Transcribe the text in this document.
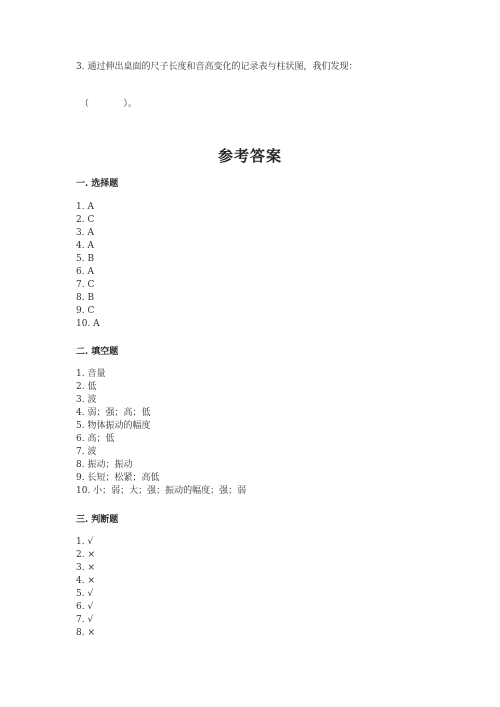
3. 通过伸出桌面的尺子长度和音高变化的记录表与柱状图，我们发现：
（            ）。
参考答案
一. 选择题
1. A
2. C
3. A
4. A
5. B
6. A
7. C
8. B
9. C
10. A
二. 填空题
1. 音量
2. 低
3. 波
4. 弱；强；高；低
5. 物体振动的幅度
6. 高；低
7. 波
8. 振动；振动
9. 长短；松紧；高低
10. 小；弱；大；强；振动的幅度；强；弱
三. 判断题
1. √
2. ×
3. ×
4. ×
5. √
6. √
7. √
8. ×
